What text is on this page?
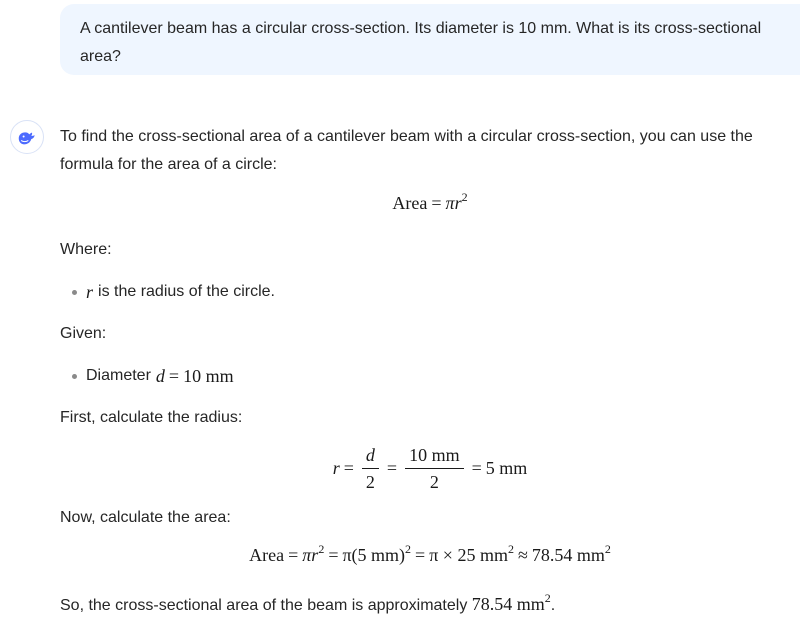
A cantilever beam has a circular cross-section. Its diameter is 10 mm. What is its cross-sectional area?

To find the cross-sectional area of a cantilever beam with a circular cross-section, you can use the formula for the area of a circle:

Area = $\pi r^2$

Where:

r is the radius of the circle.

Given:

Diameter d = 10 mm

First, calculate the radius:

$r = \frac{d}{2} = \frac{10 mm}{2} = 5$ mm

Now, calculate the area:

Area = $\pi r^2 = \pi(5$ mm)$^2$ = π × 25 $mm^2 \approx 78.54$ $mm^2$

So, the cross-sectional area of the beam is approximately 78.54 $mm^2$.
